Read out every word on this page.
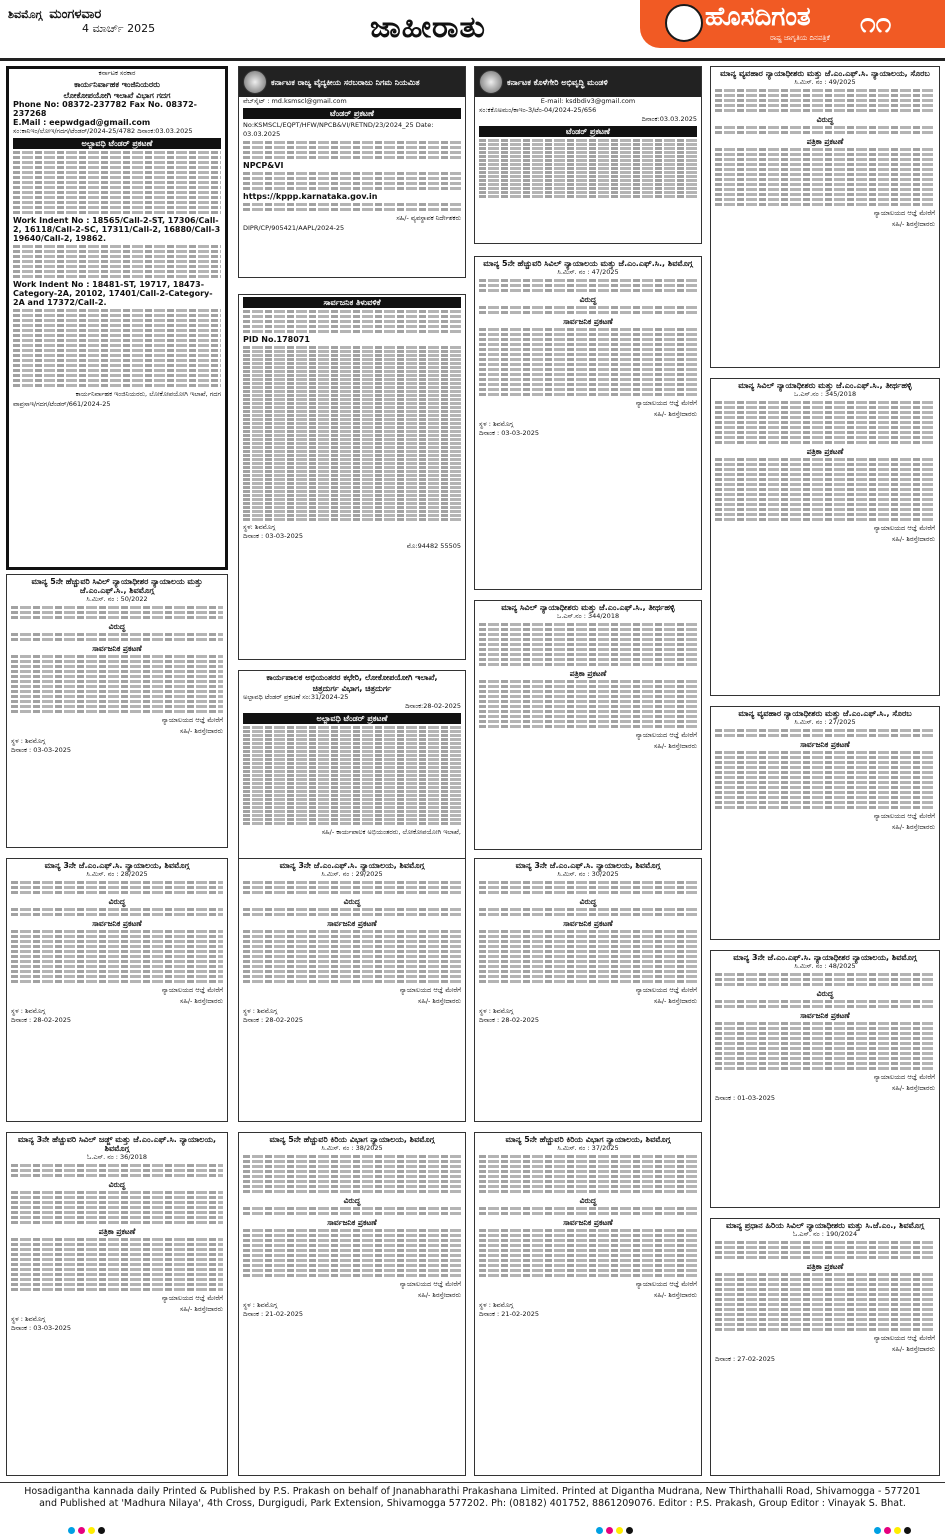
ಶಿವಮೊಗ್ಗ ಮಂಗಳವಾರ
4 ಮಾರ್ಚ್ 2025	ಜಾಹೀರಾತು	ಹೊಸದಿಗಂತ
ರಾಷ್ಟ್ರ ಜಾಗೃತಿಯ ದಿನಪತ್ರಿಕೆ ೧೧
ಕರ್ನಾಟಕ ಸರಕಾರ
ಕಾರ್ಯನಿರ್ವಾಹಕ ಇಂಜಿನಿಯರರು
ಲೋಕೋಪಯೋಗಿ ಇಲಾಖೆ ವಿಭಾಗ ಗದಗ
Phone No: 08372-237782 Fax No. 08372-237268
E.Mail : eepwdgad@gmail.com
ಸಂ:ಕಾನಿಇಂ/ಲೋಇ/ಗದಗ/ಟೆಂಡರ್/2024-25/4782 ದಿನಾಂಕ:03.03.2025
ಅಲ್ಪಾವಧಿ ಟೆಂಡರ್ ಪ್ರಕಟಣೆ
Work Indent No : 18565/Call-2-ST, 17306/Call-2, 16118/Call-2-SC, 17311/Call-2, 16880/Call-3 19640/Call-2, 19862.
Work Indent No : 18481-ST, 19717, 18473-Category-2A, 20102, 17401/Call-2-Category-2A and 17372/Call-2.
ಕಾರ್ಯನಿರ್ವಾಹಕ ಇಂಜಿನಿಯರರು, ಲೋಕೋಪಯೋಗಿ ಇಲಾಖೆ, ಗದಗ
ವಾಪ್ರಸಾಇ/ಗದಗ/ಟೆಂಡರ್/661/2024-25
ಮಾನ್ಯ 5ನೇ ಹೆಚ್ಚುವರಿ ಸಿವಿಲ್ ನ್ಯಾಯಾಧೀಶರ ನ್ಯಾಯಾಲಯ ಮತ್ತು ಜೆ.ಎಂ.ಎಫ್.ಸಿ., ಶಿವಮೊಗ್ಗ
ಸಿ.ಮಿಸ್. ನಂ : 50/2022
ವಿರುದ್ಧ
ಸಾರ್ವಜನಿಕ ಪ್ರಕಟಣೆ
ನ್ಯಾಯಾಲಯದ ಆಜ್ಞೆ ಮೇರೆಗೆ
ಸಹಿ/- ಶಿರಸ್ತೇದಾರರು
ಸ್ಥಳ : ಶಿವಮೊಗ್ಗ
ದಿನಾಂಕ : 03-03-2025
ಮಾನ್ಯ 3ನೇ ಜೆ.ಎಂ.ಎಫ್.ಸಿ. ನ್ಯಾಯಾಲಯ, ಶಿವಮೊಗ್ಗ
ಸಿ.ಮಿಸ್. ನಂ : 28/2025
ವಿರುದ್ಧ
ಸಾರ್ವಜನಿಕ ಪ್ರಕಟಣೆ
ನ್ಯಾಯಾಲಯದ ಆಜ್ಞೆ ಮೇರೆಗೆ
ಸಹಿ/- ಶಿರಸ್ತೇದಾರರು
ಸ್ಥಳ : ಶಿವಮೊಗ್ಗ
ದಿನಾಂಕ : 28-02-2025
ಮಾನ್ಯ 3ನೇ ಹೆಚ್ಚುವರಿ ಸಿವಿಲ್ ಜಡ್ಜ್ ಮತ್ತು ಜೆ.ಎಂ.ಎಫ್.ಸಿ. ನ್ಯಾಯಾಲಯ, ಶಿವಮೊಗ್ಗ
ಓ.ಎಸ್. ನಂ : 36/2018
ವಿರುದ್ಧ
ಪತ್ರಿಕಾ ಪ್ರಕಟಣೆ
ನ್ಯಾಯಾಲಯದ ಆಜ್ಞೆ ಮೇರೆಗೆ
ಸಹಿ/- ಶಿರಸ್ತೇದಾರರು
ಸ್ಥಳ : ಶಿವಮೊಗ್ಗ
ದಿನಾಂಕ : 03-03-2025
ಕರ್ನಾಟಕ ರಾಜ್ಯ ವೈದ್ಯಕೀಯ ಸರಬರಾಜು ನಿಗಮ ನಿಯಮಿತ
ವೆಬ್‌ಸೈಟ್ : md.ksmscl@gmail.com
ಟೆಂಡರ್ ಪ್ರಕಟಣೆ
No:KSMSCL/EQPT/HFW/NPCB&VI/RETND/23/2024_25 Date: 03.03.2025
NPCP&VI
https://kppp.karnataka.gov.in
ಸಹಿ/- ವ್ಯವಸ್ಥಾಪಕ ನಿರ್ದೇಶಕರು
DIPR/CP/905421/AAPL/2024-25
ಸಾರ್ವಜನಿಕ ತಿಳುವಳಿಕೆ
PID No.178071
ಸ್ಥಳ: ಶಿವಮೊಗ್ಗ
ದಿನಾಂಕ : 03-03-2025
ಮೊ:94482 55505
ಕಾರ್ಯಪಾಲಕ ಅಭಿಯಂತರರ ಕಛೇರಿ, ಲೋಕೋಪಯೋಗಿ ಇಲಾಖೆ,
ಚಿತ್ರದುರ್ಗ ವಿಭಾಗ, ಚಿತ್ರದುರ್ಗ
ಅಲ್ಪಾವಧಿ ಟೆಂಡರ್ ಪ್ರಕಟಣೆ ಸಂ:31/2024-25
ದಿನಾಂಕ:28-02-2025
ಅಲ್ಪಾವಧಿ ಟೆಂಡರ್ ಪ್ರಕಟಣೆ
ಸಹಿ/- ಕಾರ್ಯಪಾಲಕ ಅಭಿಯಂತರರು, ಲೋಕೋಪಯೋಗಿ ಇಲಾಖೆ,
ಮಾನ್ಯ 3ನೇ ಜೆ.ಎಂ.ಎಫ್.ಸಿ. ನ್ಯಾಯಾಲಯ, ಶಿವಮೊಗ್ಗ
ಸಿ.ಮಿಸ್. ನಂ : 29/2025
ವಿರುದ್ಧ
ಸಾರ್ವಜನಿಕ ಪ್ರಕಟಣೆ
ನ್ಯಾಯಾಲಯದ ಆಜ್ಞೆ ಮೇರೆಗೆ
ಸಹಿ/- ಶಿರಸ್ತೇದಾರರು
ಸ್ಥಳ : ಶಿವಮೊಗ್ಗ
ದಿನಾಂಕ : 28-02-2025
ಮಾನ್ಯ 5ನೇ ಹೆಚ್ಚುವರಿ ಕಿರಿಯ ವಿಭಾಗ ನ್ಯಾಯಾಲಯ, ಶಿವಮೊಗ್ಗ
ಸಿ.ಮಿಸ್. ನಂ : 38/2025
ವಿರುದ್ಧ
ಸಾರ್ವಜನಿಕ ಪ್ರಕಟಣೆ
ನ್ಯಾಯಾಲಯದ ಆಜ್ಞೆ ಮೇರೆಗೆ
ಸಹಿ/- ಶಿರಸ್ತೇದಾರರು
ಸ್ಥಳ : ಶಿವಮೊಗ್ಗ
ದಿನಾಂಕ : 21-02-2025
ಕರ್ನಾಟಕ ಕೊಳೆಗೇರಿ ಅಭಿವೃದ್ಧಿ ಮಂಡಳಿ
E-mail: ksdbdiv3@gmail.com
ಸಂ:ಕಕೊಅಮಂ/ಕಾಇಂ-3/ಟೆಂ-04/2024-25/656
ದಿನಾಂಕ:03.03.2025
ಟೆಂಡರ್ ಪ್ರಕಟಣೆ
ಮಾನ್ಯ 5ನೇ ಹೆಚ್ಚುವರಿ ಸಿವಿಲ್ ನ್ಯಾಯಾಲಯ ಮತ್ತು ಜೆ.ಎಂ.ಎಫ್.ಸಿ., ಶಿವಮೊಗ್ಗ
ಸಿ.ಮಿಸ್. ನಂ : 47/2025
ವಿರುದ್ಧ
ಸಾರ್ವಜನಿಕ ಪ್ರಕಟಣೆ
ನ್ಯಾಯಾಲಯದ ಆಜ್ಞೆ ಮೇರೆಗೆ
ಸಹಿ/- ಶಿರಸ್ತೇದಾರರು
ಸ್ಥಳ : ಶಿವಮೊಗ್ಗ
ದಿನಾಂಕ : 03-03-2025
ಮಾನ್ಯ ಸಿವಿಲ್ ನ್ಯಾಯಾಧೀಶರು ಮತ್ತು ಜೆ.ಎಂ.ಎಫ್.ಸಿ., ತೀರ್ಥಹಳ್ಳಿ
ಒ.ಎಸ್.ನಂ : 344/2018
ಪತ್ರಿಕಾ ಪ್ರಕಟಣೆ
ನ್ಯಾಯಾಲಯದ ಆಜ್ಞೆ ಮೇರೆಗೆ
ಸಹಿ/- ಶಿರಸ್ತೇದಾರರು
ಮಾನ್ಯ 3ನೇ ಜೆ.ಎಂ.ಎಫ್.ಸಿ. ನ್ಯಾಯಾಲಯ, ಶಿವಮೊಗ್ಗ
ಸಿ.ಮಿಸ್. ನಂ : 30/2025
ವಿರುದ್ಧ
ಸಾರ್ವಜನಿಕ ಪ್ರಕಟಣೆ
ನ್ಯಾಯಾಲಯದ ಆಜ್ಞೆ ಮೇರೆಗೆ
ಸಹಿ/- ಶಿರಸ್ತೇದಾರರು
ಸ್ಥಳ : ಶಿವಮೊಗ್ಗ
ದಿನಾಂಕ : 28-02-2025
ಮಾನ್ಯ 5ನೇ ಹೆಚ್ಚುವರಿ ಕಿರಿಯ ವಿಭಾಗ ನ್ಯಾಯಾಲಯ, ಶಿವಮೊಗ್ಗ
ಸಿ.ಮಿಸ್. ನಂ : 37/2025
ವಿರುದ್ಧ
ಸಾರ್ವಜನಿಕ ಪ್ರಕಟಣೆ
ನ್ಯಾಯಾಲಯದ ಆಜ್ಞೆ ಮೇರೆಗೆ
ಸಹಿ/- ಶಿರಸ್ತೇದಾರರು
ಸ್ಥಳ : ಶಿವಮೊಗ್ಗ
ದಿನಾಂಕ : 21-02-2025
ಮಾನ್ಯ ವ್ಯವಹಾರ ನ್ಯಾಯಾಧೀಶರು ಮತ್ತು ಜೆ.ಎಂ.ಎಫ್.ಸಿ. ನ್ಯಾಯಾಲಯ, ಸೊರಬ
ಸಿ.ಮಿಸ್. ನಂ : 49/2025
ವಿರುದ್ಧ
ಪತ್ರಿಕಾ ಪ್ರಕಟಣೆ
ನ್ಯಾಯಾಲಯದ ಆಜ್ಞೆ ಮೇರೆಗೆ
ಸಹಿ/- ಶಿರಸ್ತೇದಾರರು
ಮಾನ್ಯ ಸಿವಿಲ್ ನ್ಯಾಯಾಧೀಶರು ಮತ್ತು ಜೆ.ಎಂ.ಎಫ್.ಸಿ., ತೀರ್ಥಹಳ್ಳಿ
ಒ.ಎಸ್.ನಂ : 345/2018
ಪತ್ರಿಕಾ ಪ್ರಕಟಣೆ
ನ್ಯಾಯಾಲಯದ ಆಜ್ಞೆ ಮೇರೆಗೆ
ಸಹಿ/- ಶಿರಸ್ತೇದಾರರು
ಮಾನ್ಯ ವ್ಯವಹಾರ ನ್ಯಾಯಾಧೀಶರು ಮತ್ತು ಜೆ.ಎಂ.ಎಫ್.ಸಿ., ಸೊರಬ
ಸಿ.ಮಿಸ್. ನಂ : 27/2025
ಸಾರ್ವಜನಿಕ ಪ್ರಕಟಣೆ
ನ್ಯಾಯಾಲಯದ ಆಜ್ಞೆ ಮೇರೆಗೆ
ಸಹಿ/- ಶಿರಸ್ತೇದಾರರು
ಮಾನ್ಯ 3ನೇ ಜೆ.ಎಂ.ಎಫ್.ಸಿ. ನ್ಯಾಯಾಧೀಶರ ನ್ಯಾಯಾಲಯ, ಶಿವಮೊಗ್ಗ
ಸಿ.ಮಿಸ್. ನಂ : 48/2025
ವಿರುದ್ಧ
ಸಾರ್ವಜನಿಕ ಪ್ರಕಟಣೆ
ನ್ಯಾಯಾಲಯದ ಆಜ್ಞೆ ಮೇರೆಗೆ
ಸಹಿ/- ಶಿರಸ್ತೇದಾರರು
ದಿನಾಂಕ : 01-03-2025
ಮಾನ್ಯ ಪ್ರಧಾನ ಹಿರಿಯ ಸಿವಿಲ್ ನ್ಯಾಯಾಧೀಶರು ಮತ್ತು ಸಿ.ಜೆ.ಎಂ., ಶಿವಮೊಗ್ಗ
ಓ.ಎಸ್. ನಂ : 190/2024
ಪತ್ರಿಕಾ ಪ್ರಕಟಣೆ
ನ್ಯಾಯಾಲಯದ ಆಜ್ಞೆ ಮೇರೆಗೆ
ಸಹಿ/- ಶಿರಸ್ತೇದಾರರು
ದಿನಾಂಕ : 27-02-2025
Hosadigantha kannada daily Printed & Published by P.S. Prakash on behalf of Jnanabharathi Prakashana Limited. Printed at Digantha Mudrana, New Thirthahalli Road, Shivamogga - 577201
and Published at 'Madhura Nilaya', 4th Cross, Durgigudi, Park Extension, Shivamogga 577202. Ph: (08182) 401752, 8861209076. Editor : P.S. Prakash, Group Editor : Vinayak S. Bhat.
